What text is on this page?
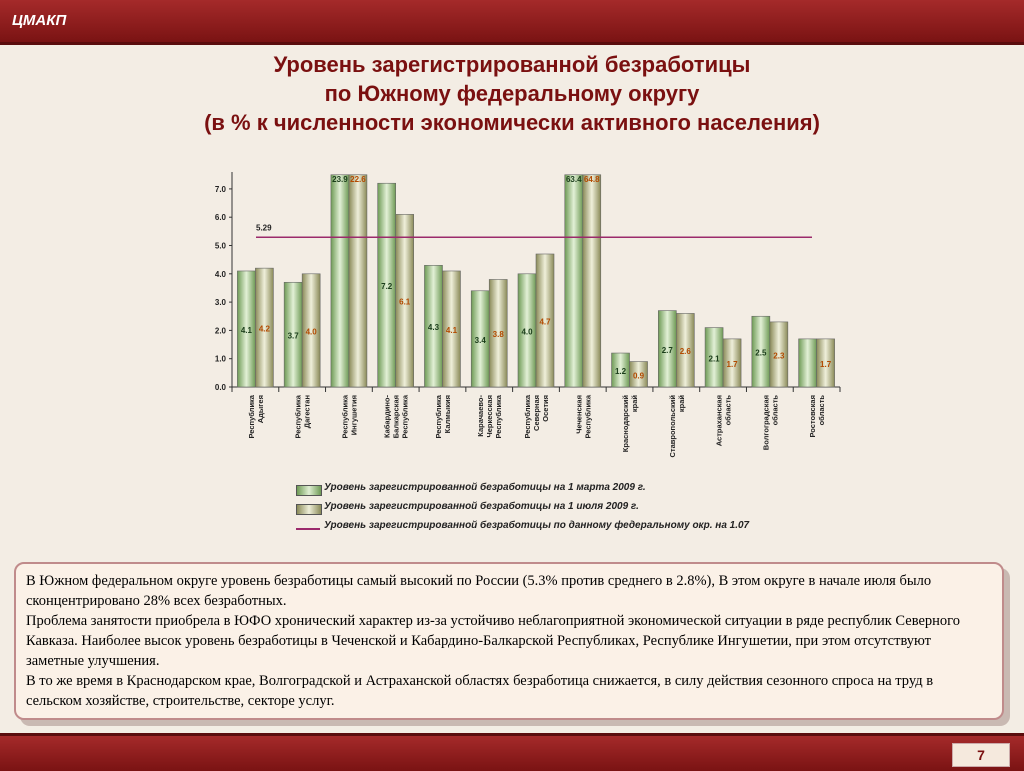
ЦМАКП
Уровень зарегистрированной безработицы
по Южному федеральному округу
(в % к численности экономически активного населения)
0.0
1.0
2.0
3.0
4.0
5.0
6.0
7.0
4.1
3.7
23.9
7.2
4.3
3.4
4.0
63.4
1.2
2.7
2.1
2.5
4.2	4.0
22.6
6.1
4.1	3.8
4.7
64.8
0.9
2.6
1.7
2.3
1.7
5.29
Республика Адыгея	Республика Дагестан	Республика Ингушетия	Кабардино- Балкарская Республика	Республика Калмыкия	Карачаево- Черкесская Республика	Республика Северная Осетия	Чеченская Республика	Краснодарский край	Ставропольский край	Астраханская область	Волгоградская область	Ростовская область
Уровень зарегистрированной безработицы на 1 марта 2009 г.
Уровень зарегистрированной безработицы на 1 июля 2009 г.
Уровень зарегистрированной безработицы по данному федеральному окр. на 1.07

В Южном федеральном округе уровень безработицы самый высокий по России (5.3% против среднего в 2.8%), В этом округе в начале июля было сконцентрировано 28% всех безработных.

Проблема занятости приобрела в ЮФО хронический характер из-за устойчиво неблагоприятной экономической ситуации в ряде республик Северного Кавказа. Наиболее высок уровень безработицы в Чеченской и Кабардино-Балкарской Республиках, Республике Ингушетии, при этом отсутствуют заметные улучшения.

В то же время в Краснодарском крае, Волгоградской и Астраханской областях безработица снижается, в силу действия сезонного спроса на труд в сельском хозяйстве, строительстве, секторе услуг.

7
